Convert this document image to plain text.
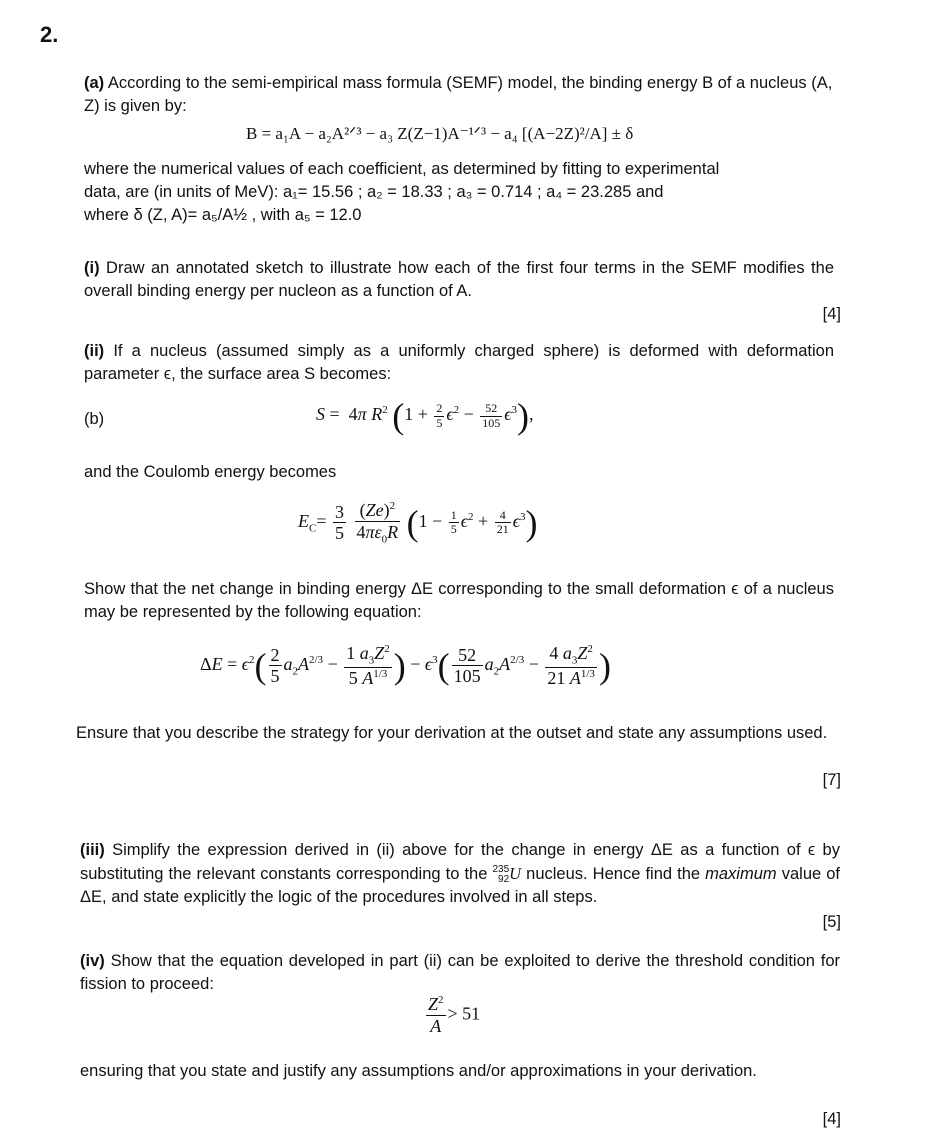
2.
(a) According to the semi-empirical mass formula (SEMF) model, the binding energy B of a nucleus (A, Z) is given by:
B = a₁A − a₂A²ᐟ³ − a₃ Z(Z−1)A⁻¹ᐟ³ − a₄ [(A−2Z)²/A] ± δ
where the numerical values of each coefficient, as determined by fitting to experimental
data, are (in units of MeV): a₁= 15.56 ; a₂ = 18.33 ; a₃ = 0.714 ; a₄ = 23.285 and
where δ (Z, A)= a₅/A½ , with a₅ = 12.0
(i) Draw an annotated sketch to illustrate how each of the first four terms in the SEMF modifies the overall binding energy per nucleon as a function of A.
[4]
(ii) If a nucleus (assumed simply as a uniformly charged sphere) is deformed with deformation parameter ϵ, the surface area S becomes:
(b)	S =  4π $R^2$ $(1 + \frac{2}{5} \epsilon^2 - \frac{52}{105} \epsilon^3)$,
and the Coulomb energy becomes
$E_C= \frac{3}{5}$
$\frac{(Ze)^2}{4\pi\varepsilon_0R} (1 - \frac{1}{5} \epsilon^2 + \frac{4}{21} \epsilon^3)$
Show that the net change in binding energy ΔE corresponding to the small deformation ϵ of a nucleus may be represented by the following equation:
$\Delta E = \epsilon^2( \frac{2}{5} a_2A^{2/3} - \frac{1 a_3Z^2}{5 A^{1/3}}$ ) − $\epsilon^3( \frac{52}{105} a_2A^{2/3} - \frac{4 a_3Z^2}{21 A^{1/3}}$ )
Ensure that you describe the strategy for your derivation at the outset and state any assumptions used.
[7]
(iii) Simplify the expression derived in (ii) above for the change in energy ΔE as a function of ϵ by substituting the relevant constants corresponding to the 235
92 U nucleus. Hence find the maximum value of ΔE, and state explicitly the logic of the procedures involved in all steps.
[5]
(iv) Show that the equation developed in part (ii) can be exploited to derive the threshold condition for fission to proceed:
$\frac{Z^2}{A} > 51$
ensuring that you state and justify any assumptions and/or approximations in your derivation.
[4]
